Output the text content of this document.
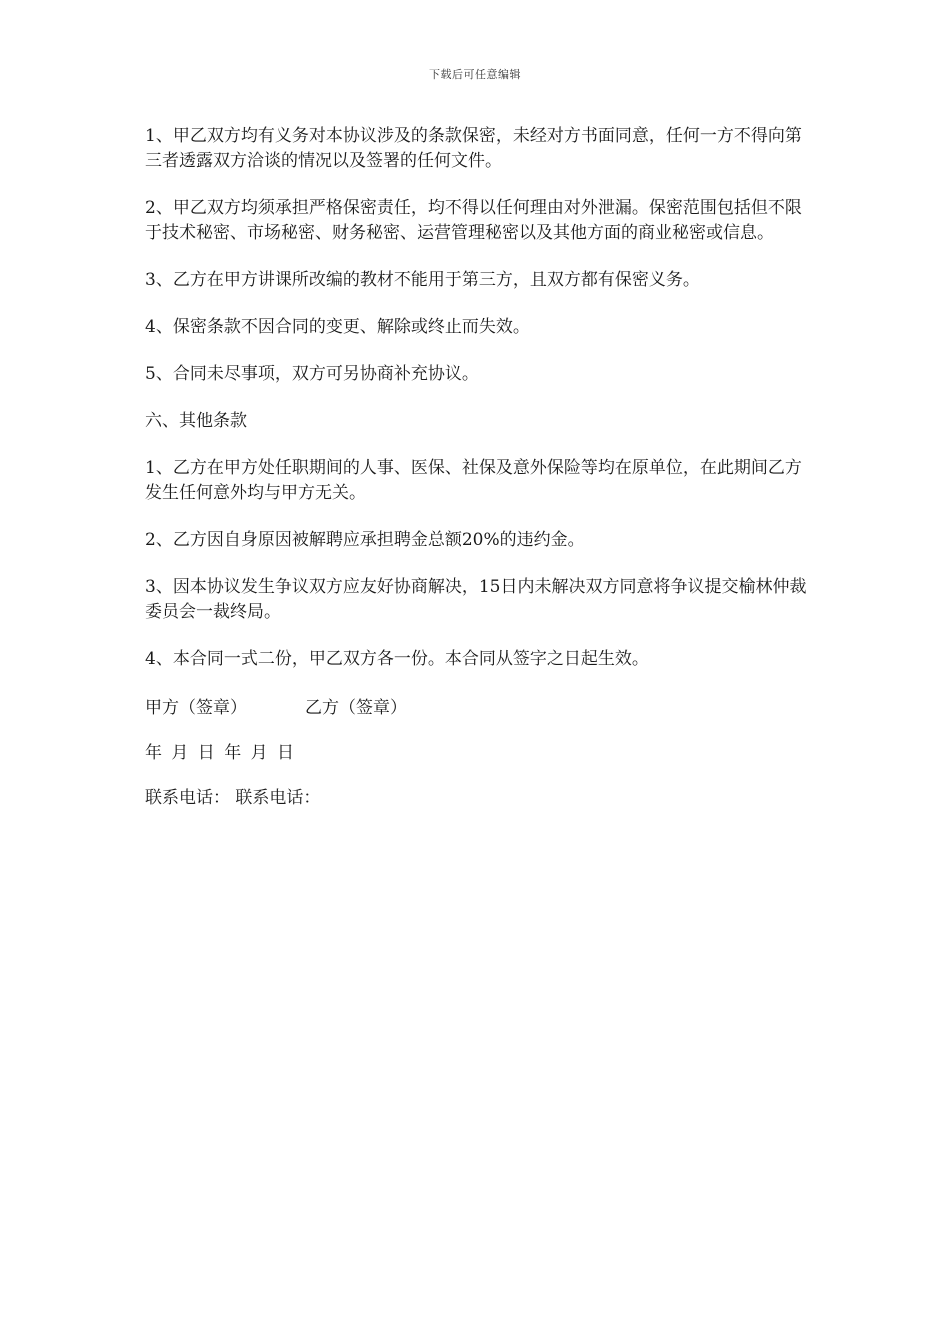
下载后可任意编辑

1、甲乙双方均有义务对本协议涉及的条款保密，未经对方书面同意，任何一方不得向第三者透露双方洽谈的情况以及签署的任何文件。

2、甲乙双方均须承担严格保密责任，均不得以任何理由对外泄漏。保密范围包括但不限于技术秘密、市场秘密、财务秘密、运营管理秘密以及其他方面的商业秘密或信息。

3、乙方在甲方讲课所改编的教材不能用于第三方，且双方都有保密义务。

4、保密条款不因合同的变更、解除或终止而失效。

5、合同未尽事项，双方可另协商补充协议。

六、其他条款

1、乙方在甲方处任职期间的人事、医保、社保及意外保险等均在原单位，在此期间乙方发生任何意外均与甲方无关。

2、乙方因自身原因被解聘应承担聘金总额20%的违约金。

3、因本协议发生争议双方应友好协商解决，15日内未解决双方同意将争议提交榆林仲裁委员会一裁终局。

4、本合同一式二份，甲乙双方各一份。本合同从签字之日起生效。

甲方（签章）	乙方（签章）
年 月 日 年 月 日
联系电话： 联系电话：
